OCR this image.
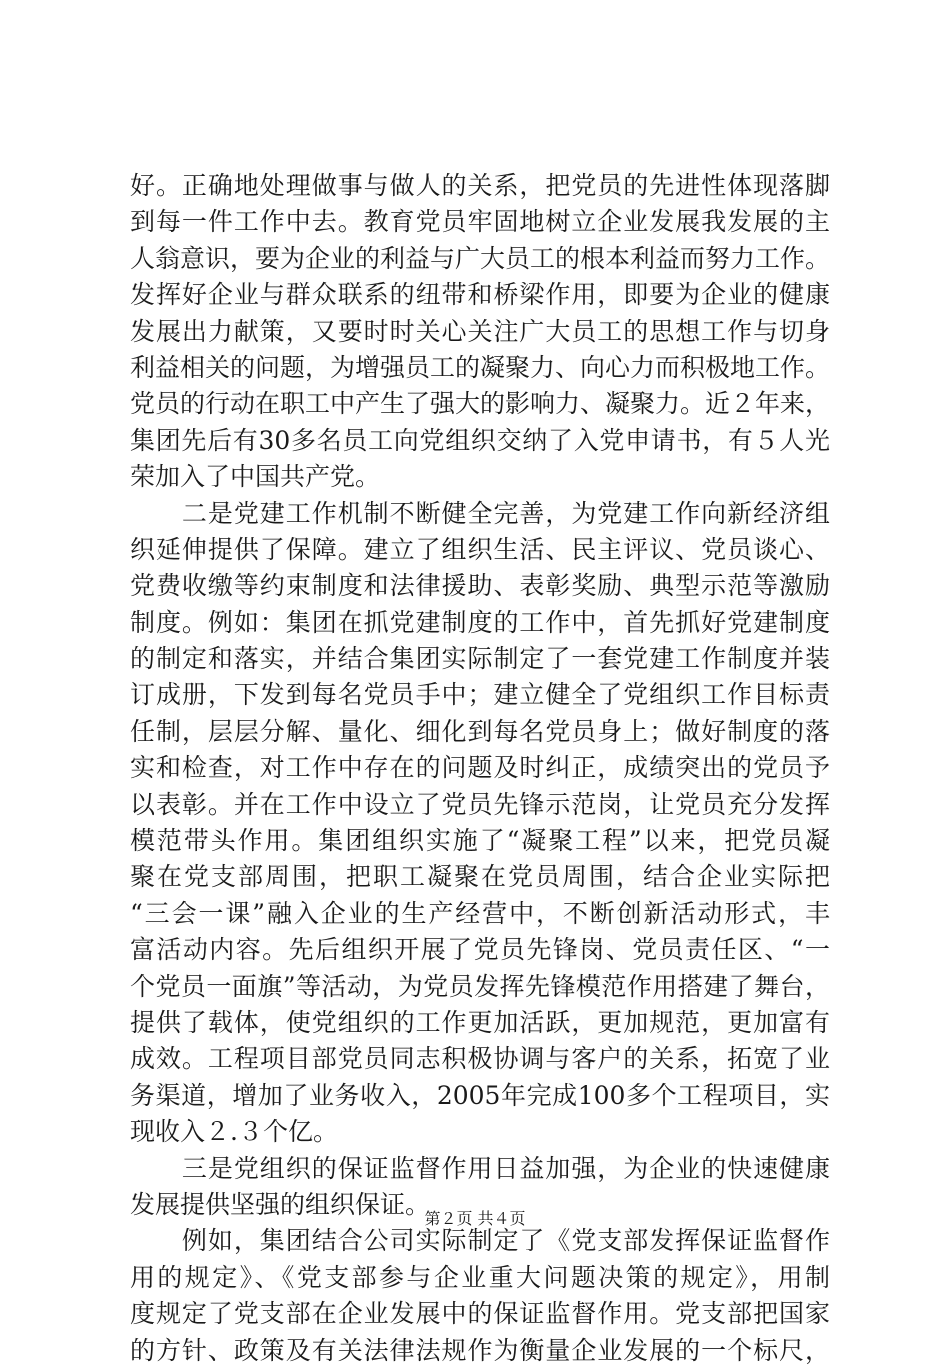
好。正确地处理做事与做人的关系，把党员的先进性体现落脚
到每一件工作中去。教育党员牢固地树立企业发展我发展的主
人翁意识，要为企业的利益与广大员工的根本利益而努力工作。
发挥好企业与群众联系的纽带和桥梁作用，即要为企业的健康
发展出力献策，又要时时关心关注广大员工的思想工作与切身
利益相关的问题，为增强员工的凝聚力、向心力而积极地工作。
党员的行动在职工中产生了强大的影响力、凝聚力。近２年来，
集团先后有30多名员工向党组织交纳了入党申请书，有５人光
荣加入了中国共产党。
　　二是党建工作机制不断健全完善，为党建工作向新经济组
织延伸提供了保障。建立了组织生活、民主评议、党员谈心、
党费收缴等约束制度和法律援助、表彰奖励、典型示范等激励
制度。例如：集团在抓党建制度的工作中，首先抓好党建制度
的制定和落实，并结合集团实际制定了一套党建工作制度并装
订成册，下发到每名党员手中；建立健全了党组织工作目标责
任制，层层分解、量化、细化到每名党员身上；做好制度的落
实和检查，对工作中存在的问题及时纠正，成绩突出的党员予
以表彰。并在工作中设立了党员先锋示范岗，让党员充分发挥
模范带头作用。集团组织实施了“凝聚工程”以来，把党员凝
聚在党支部周围，把职工凝聚在党员周围，结合企业实际把
“三会一课”融入企业的生产经营中，不断创新活动形式，丰
富活动内容。先后组织开展了党员先锋岗、党员责任区、“一
个党员一面旗”等活动，为党员发挥先锋模范作用搭建了舞台，
提供了载体，使党组织的工作更加活跃，更加规范，更加富有
成效。工程项目部党员同志积极协调与客户的关系，拓宽了业
务渠道，增加了业务收入，2005年完成100多个工程项目，实
现收入２.３个亿。
　　三是党组织的保证监督作用日益加强，为企业的快速健康
发展提供坚强的组织保证。
　　例如，集团结合公司实际制定了《党支部发挥保证监督作
用的规定》、《党支部参与企业重大问题决策的规定》，用制
度规定了党支部在企业发展中的保证监督作用。党支部把国家
的方针、政策及有关法律法规作为衡量企业发展的一个标尺，
第２页 共４页
